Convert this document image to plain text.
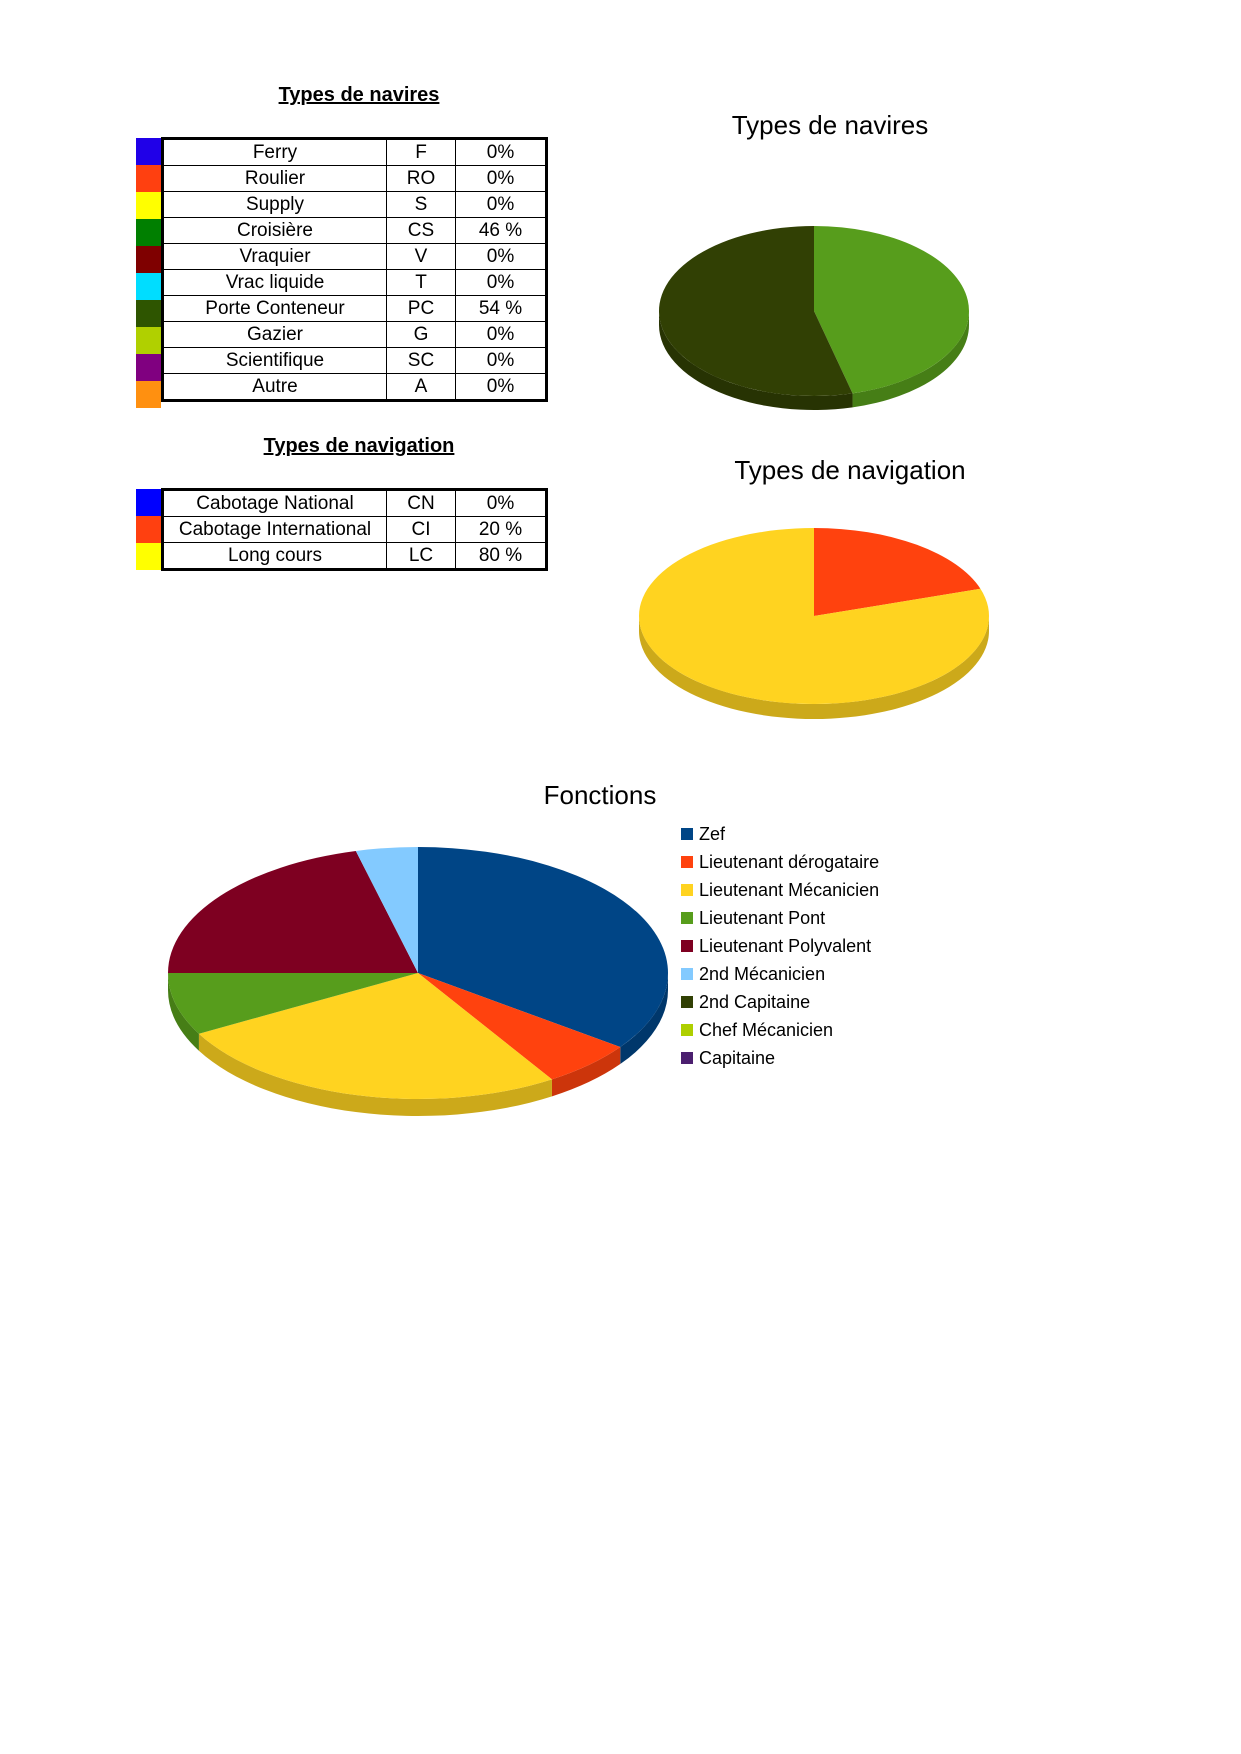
Types de navires
Ferry	F	0%
Roulier	RO	0%
Supply	S	0%
Croisière	CS	46 %
Vraquier	V	0%
Vrac liquide	T	0%
Porte Conteneur	PC	54 %
Gazier	G	0%
Scientifique	SC	0%
Autre	A	0%
Types de navigation
Cabotage National	CN	0%
Cabotage International	CI	20 %
Long cours	LC	80 %
Types de navires
Types de navigation
Fonctions
Zef
Lieutenant dérogataire
Lieutenant Mécanicien
Lieutenant Pont
Lieutenant Polyvalent
2nd Mécanicien
2nd Capitaine
Chef Mécanicien
Capitaine
